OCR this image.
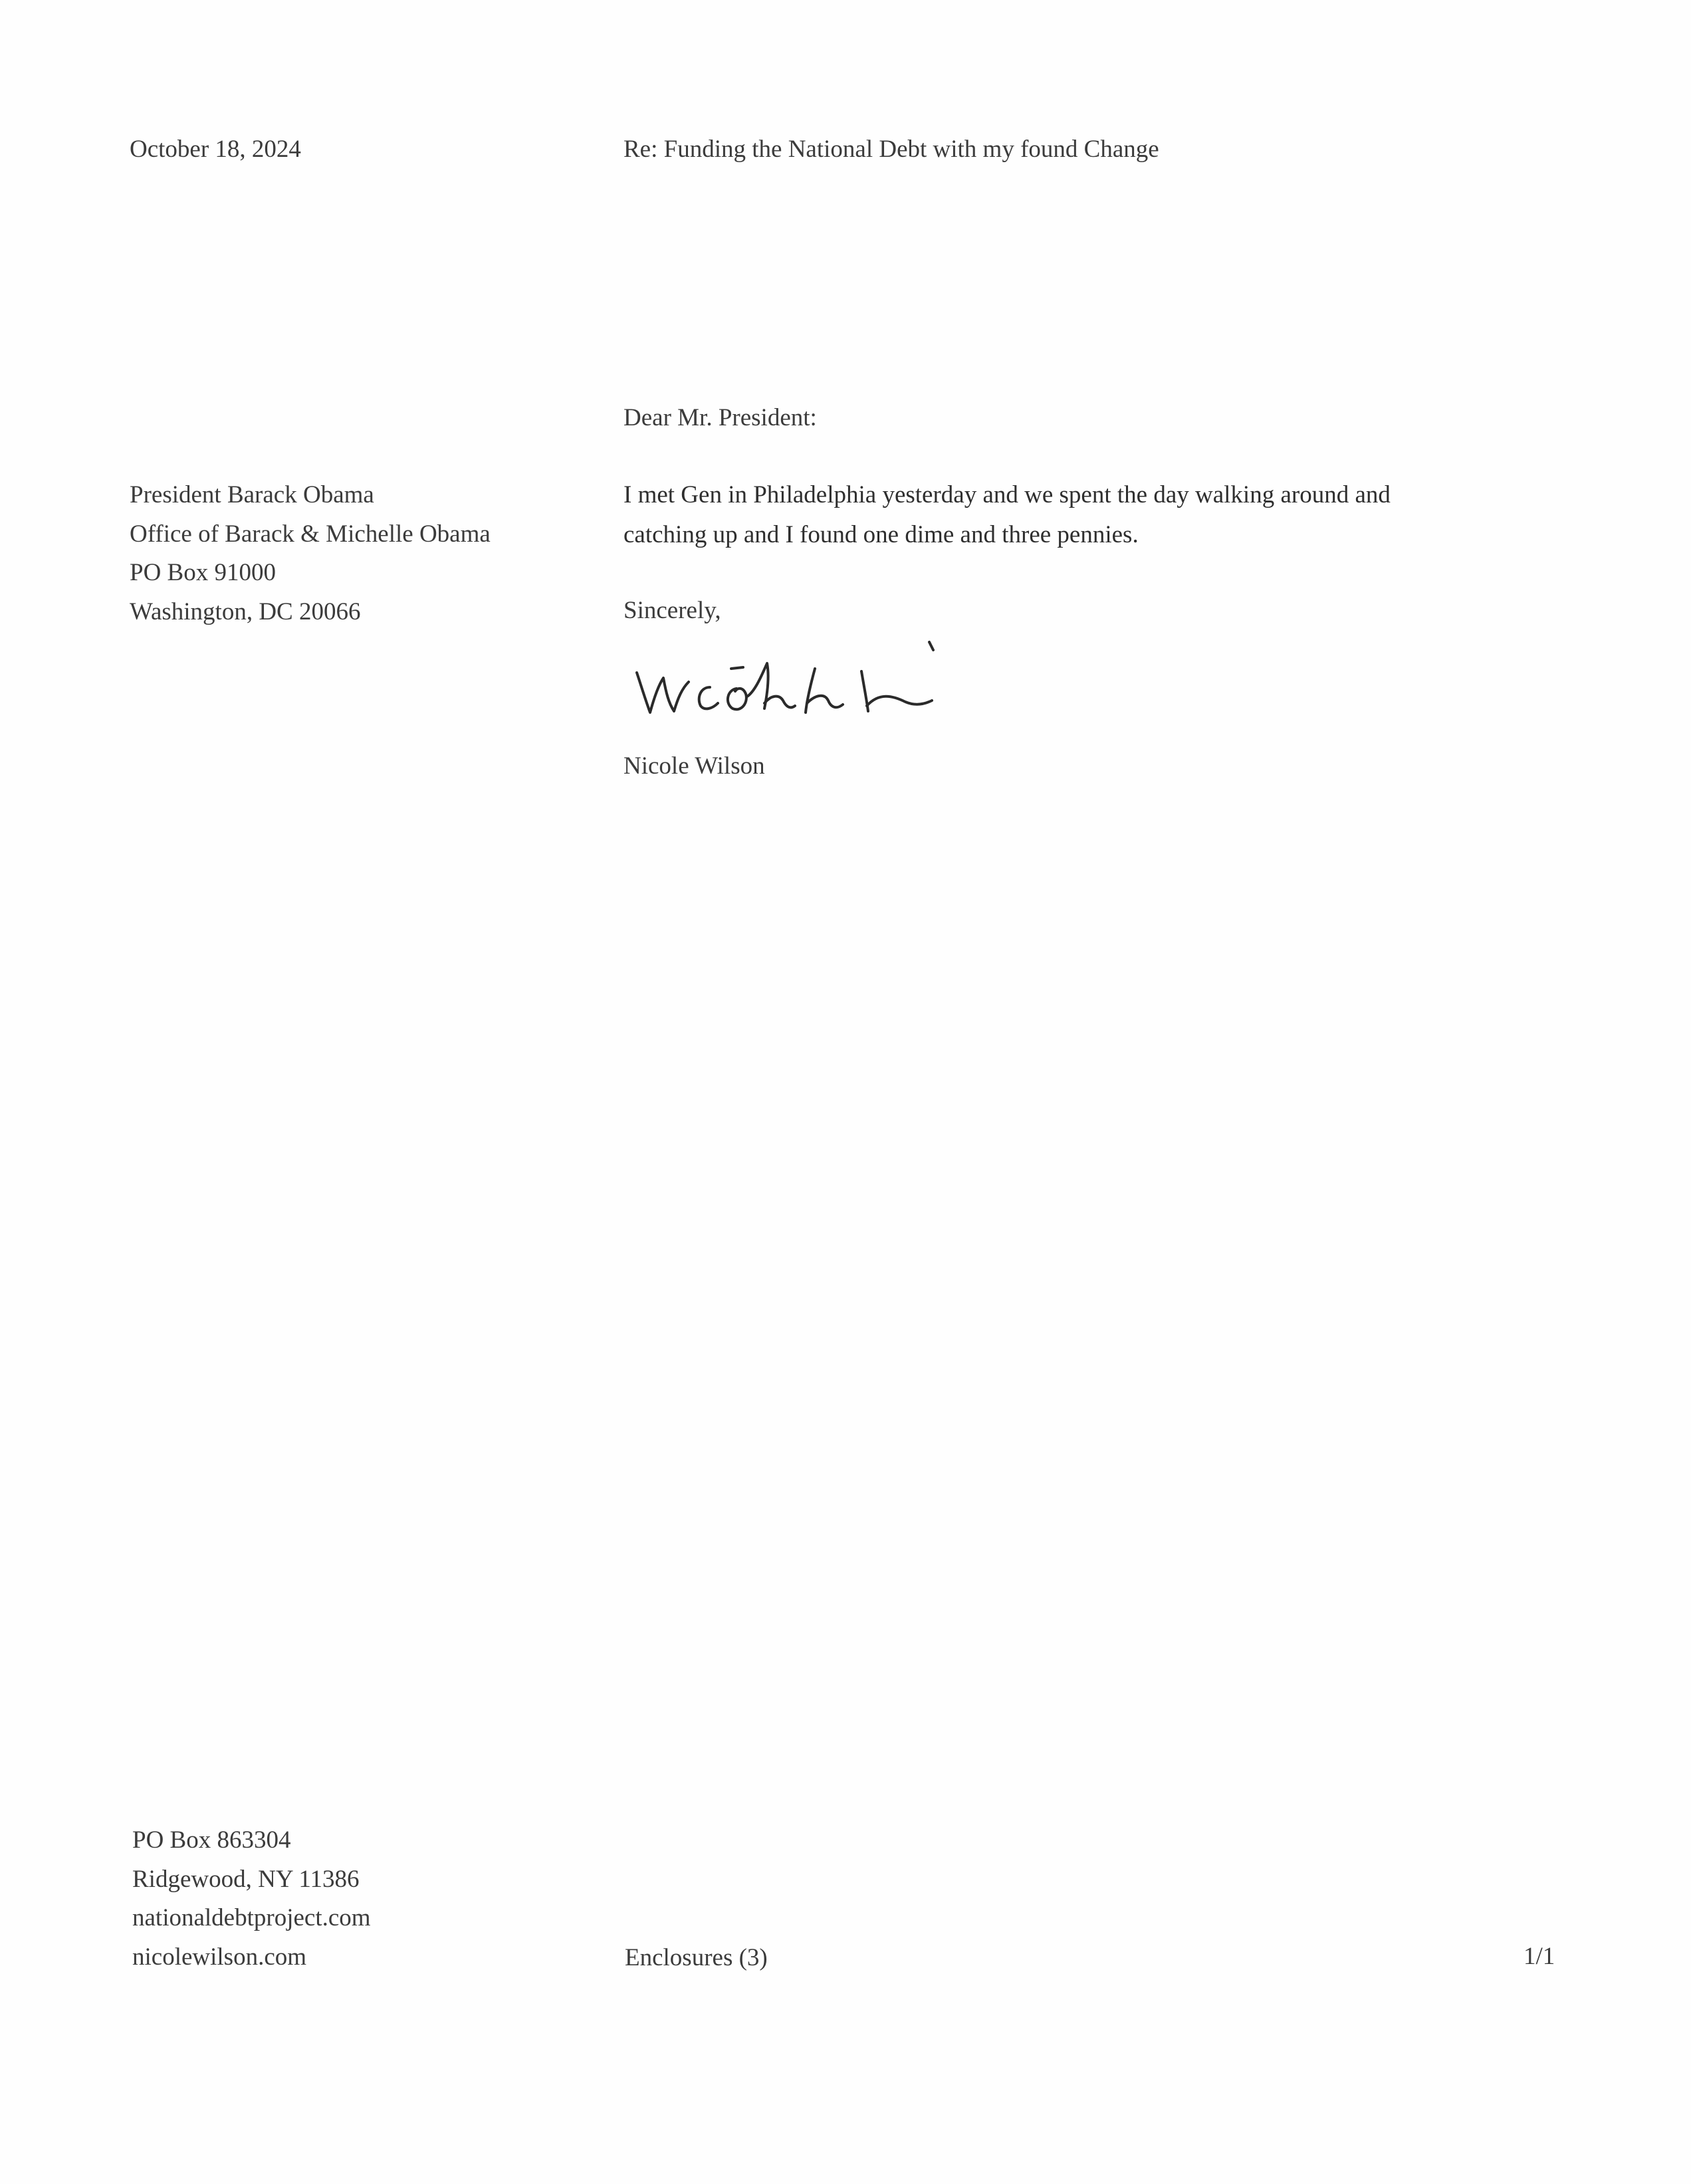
October 18, 2024	Re: Funding the National Debt with my found Change
Dear Mr. President:
President Barack Obama
Office of Barack & Michelle Obama
PO Box 91000
Washington, DC 20066
I met Gen in Philadelphia yesterday and we spent the day walking around and
catching up and I found one dime and three pennies.
Sincerely,
Nicole Wilson
PO Box 863304
Ridgewood, NY 11386
nationaldebtproject.com
nicolewilson.com	Enclosures (3)	1/1
